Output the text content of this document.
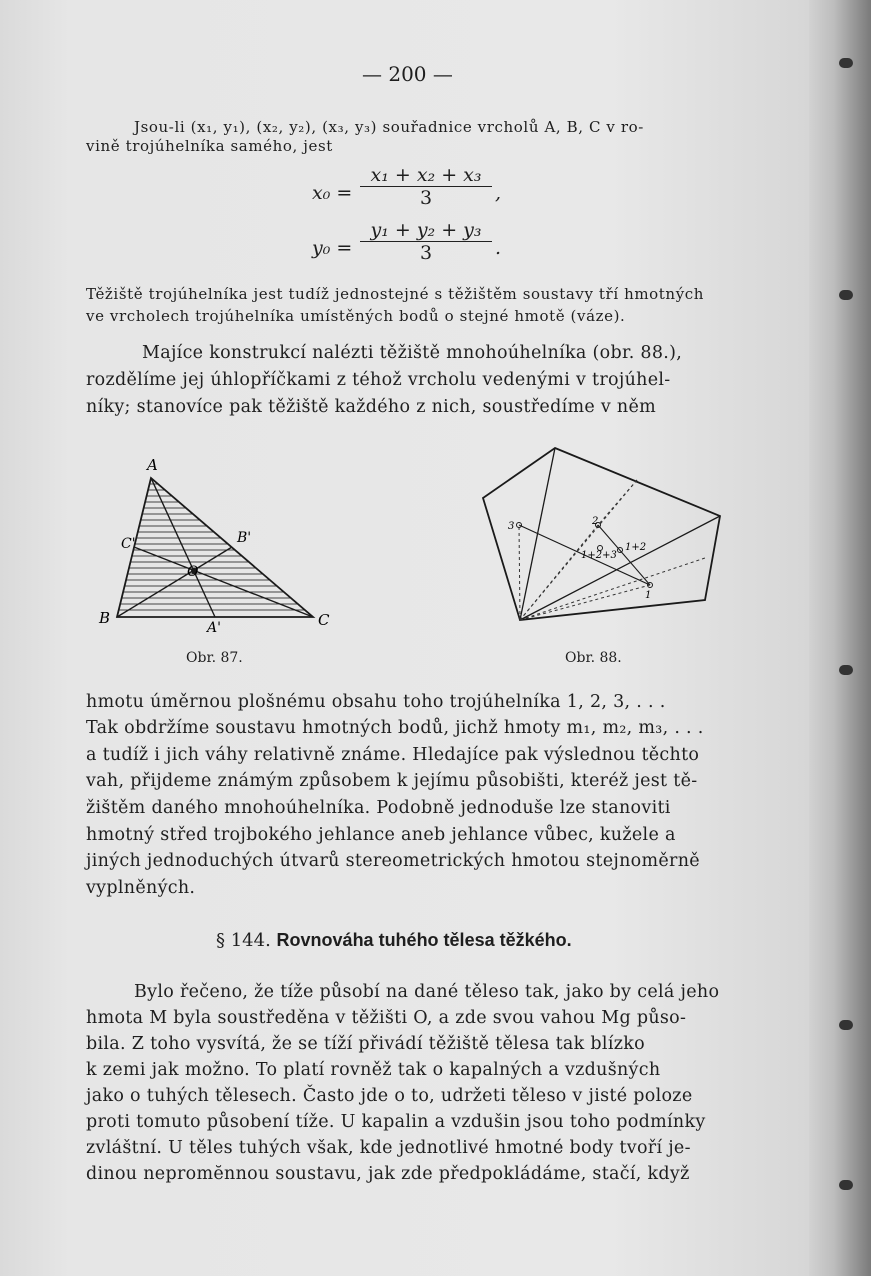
— 200 —
Jsou-li (x₁, y₁), (x₂, y₂), (x₃, y₃) souřadnice vrcholů A, B, C v ro-
vině trojúhelníka samého, jest
$x_0 = \frac{\text{x₁ + x₂ + x₃}}{3}$ ,
$y_0 = \frac{\text{y₁ + y₂ + y₃}}{3}$ .
Těžiště trojúhelníka jest tudíž jednostejné s těžištěm soustavy tří hmotných
ve vrcholech trojúhelníka umístěných bodů o stejné hmotě (váze).
Majíce konstrukcí nalézti těžiště mnohoúhelníka (obr. 88.),
rozdělíme jej úhlopříčkami z téhož vrcholu vedenými v trojúhel-
níky; stanovíce pak těžiště každého z nich, soustředíme v něm
A
B	C
C'	B'
A'
O
Obr. 87.
3	2
1
1+2
1+2+3
Obr. 88.
hmotu úměrnou plošnému obsahu toho trojúhelníka 1, 2, 3, . . .
Tak obdržíme soustavu hmotných bodů, jichž hmoty m₁, m₂, m₃, . . .
a tudíž i jich váhy relativně známe. Hledajíce pak výslednou těchto
vah, přijdeme známým způsobem k jejímu působišti, kteréž jest tě-
žištěm daného mnohoúhelníka. Podobně jednoduše lze stanoviti
hmotný střed trojbokého jehlance aneb jehlance vůbec, kužele a
jiných jednoduchých útvarů stereometrických hmotou stejnoměrně
vyplněných.
§ 144. Rovnováha tuhého tělesa těžkého.
Bylo řečeno, že tíže působí na dané těleso tak, jako by celá jeho
hmota M byla soustředěna v těžišti O, a zde svou vahou Mg půso-
bila. Z toho vysvítá, že se tíží přivádí těžiště tělesa tak blízko
k zemi jak možno. To platí rovněž tak o kapalných a vzdušných
jako o tuhých tělesech. Často jde o to, udržeti těleso v jisté poloze
proti tomuto působení tíže. U kapalin a vzdušin jsou toho podmínky
zvláštní. U těles tuhých však, kde jednotlivé hmotné body tvoří je-
dinou nepromĕnnou soustavu, jak zde předpokládáme, stačí, když
